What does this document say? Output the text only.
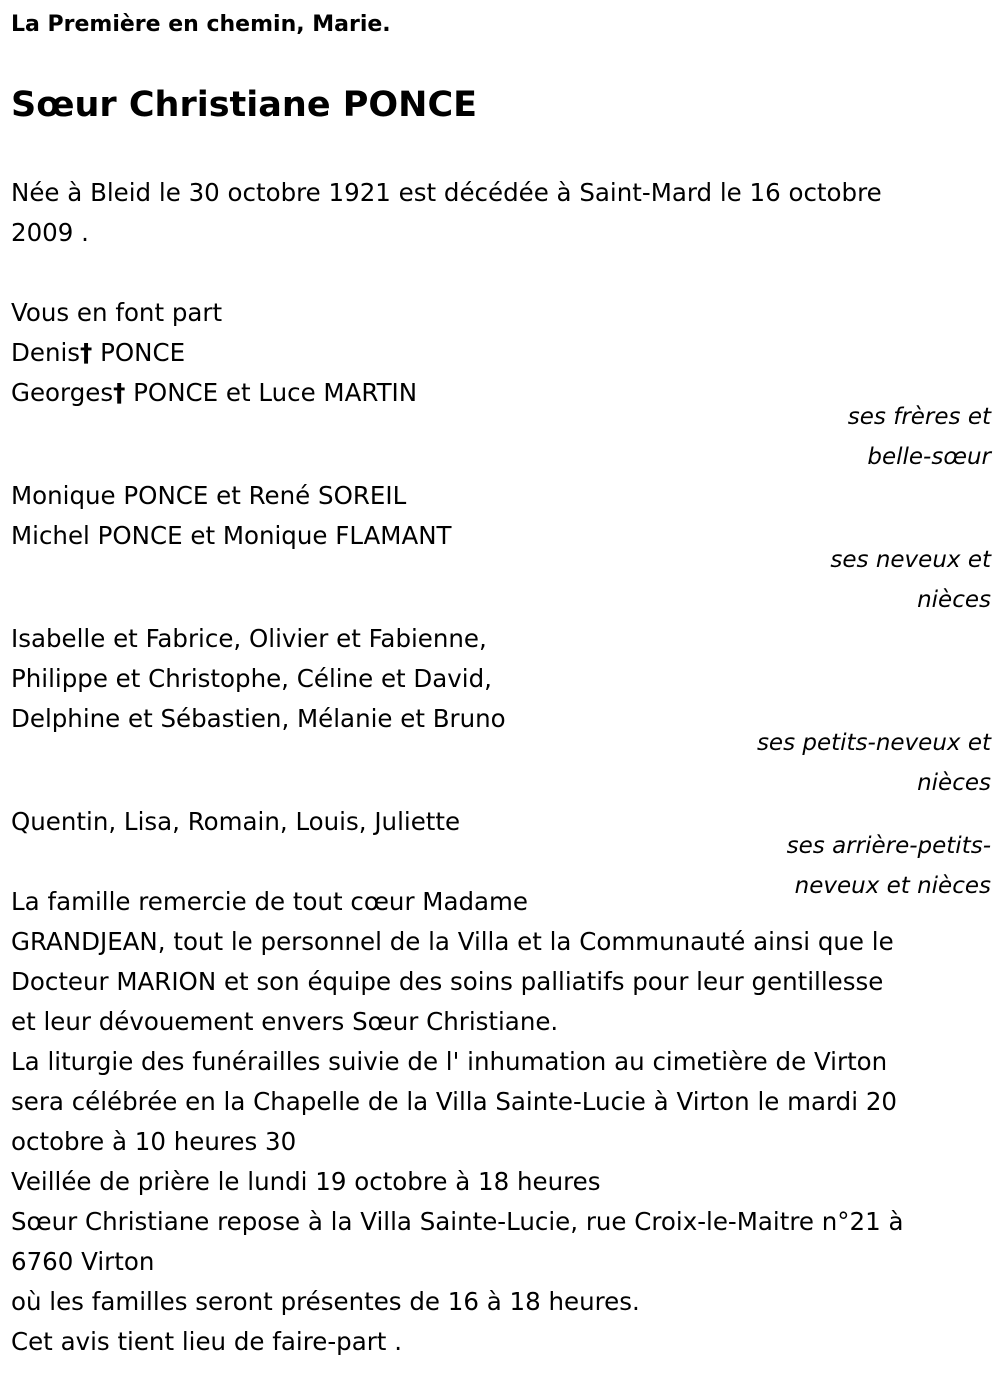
La Première en chemin, Marie.
Sœur Christiane PONCE
Née à Bleid le 30 octobre 1921 est décédée à Saint-Mard le 16 octobre
2009 .
Vous en font part
Denis† PONCE
Georges† PONCE et Luce MARTIN
ses frères et
belle-sœur
Monique PONCE et René SOREIL
Michel PONCE et Monique FLAMANT
ses neveux et
nièces
Isabelle et Fabrice, Olivier et Fabienne,
Philippe et Christophe, Céline et David,
Delphine et Sébastien, Mélanie et Bruno
ses petits-neveux et
nièces
Quentin, Lisa, Romain, Louis, Juliette
ses arrière-petits-
neveux et nièces
La famille remercie de tout cœur Madame
GRANDJEAN, tout le personnel de la Villa et la Communauté ainsi que le
Docteur MARION et son équipe des soins palliatifs pour leur gentillesse
et leur dévouement envers Sœur Christiane.
La liturgie des funérailles suivie de l' inhumation au cimetière de Virton
sera célébrée en la Chapelle de la Villa Sainte-Lucie à Virton le mardi 20
octobre à 10 heures 30
Veillée de prière le lundi 19 octobre à 18 heures
Sœur Christiane repose à la Villa Sainte-Lucie, rue Croix-le-Maitre n°21 à
6760 Virton
où les familles seront présentes de 16 à 18 heures.
Cet avis tient lieu de faire-part .
